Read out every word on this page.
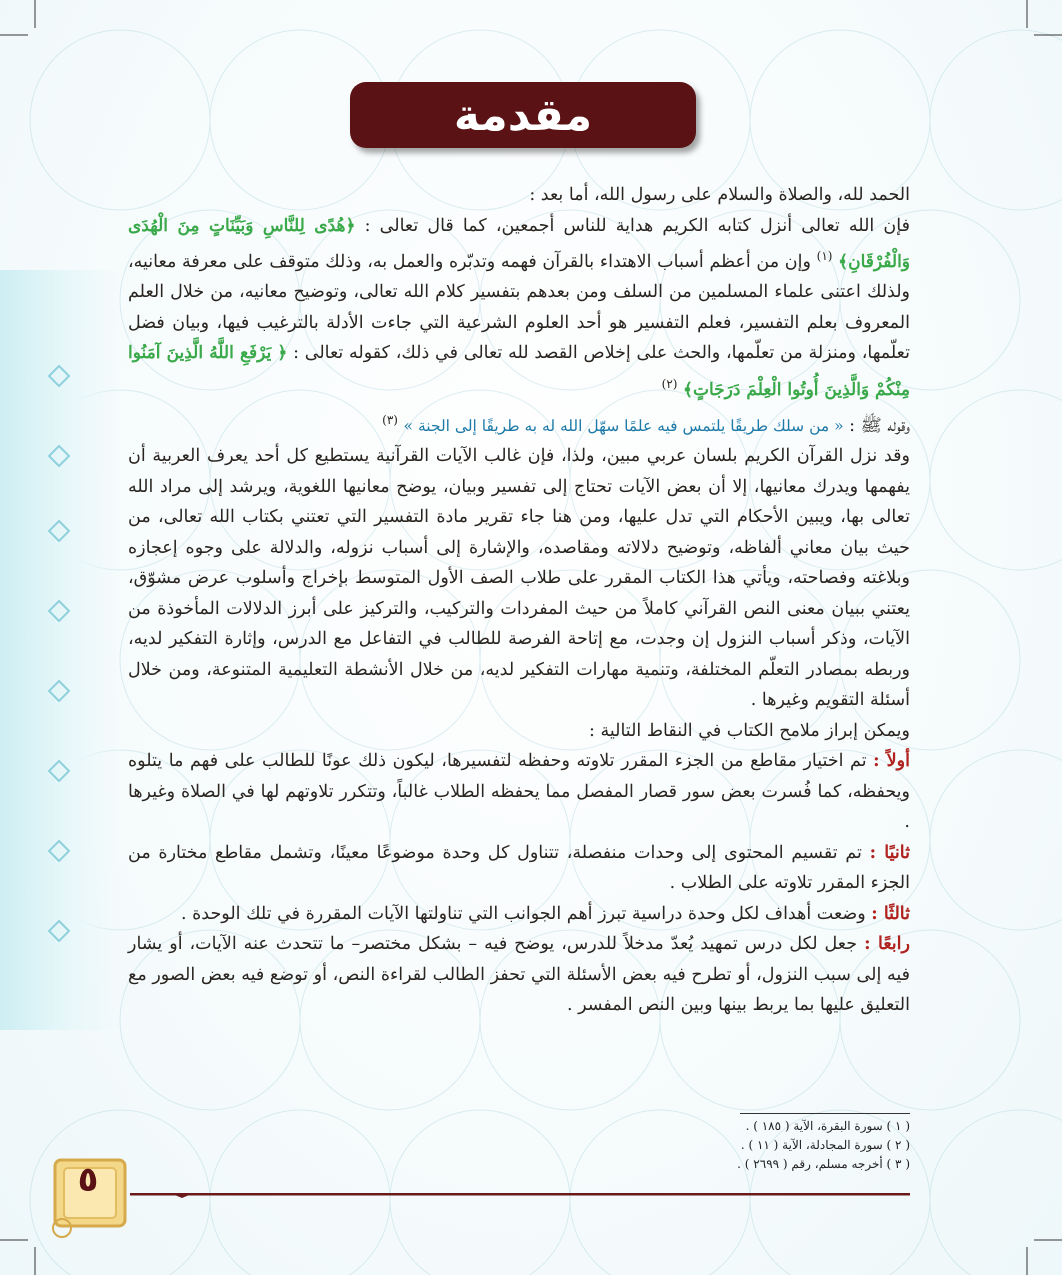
مقدمة

الحمد لله، والصلاة والسلام على رسول الله، أما بعد :

فإن الله تعالى أنزل كتابه الكريم هداية للناس أجمعين، كما قال تعالى : ﴿هُدًى لِلنَّاسِ وَبَيِّنَاتٍ مِنَ الْهُدَى وَالْفُرْقَانِ﴾ $^{(١)}$ وإن من أعظم أسباب الاهتداء بالقرآن فهمه وتدبّره والعمل به، وذلك متوقف على معرفة معانيه، ولذلك اعتنى علماء المسلمين من السلف ومن بعدهم بتفسير كلام الله تعالى، وتوضيح معانيه، من خلال العلم المعروف بعلم التفسير، فعلم التفسير هو أحد العلوم الشرعية التي جاءت الأدلة بالترغيب فيها، وبيان فضل تعلّمها، ومنزلة من تعلّمها، والحث على إخلاص القصد لله تعالى في ذلك، كقوله تعالى : ﴿ يَرْفَعِ اللَّهُ الَّذِينَ آمَنُوا مِنْكُمْ وَالَّذِينَ أُوتُوا الْعِلْمَ دَرَجَاتٍ﴾ $^{(٢)}$

وقوله ﷺ : « من سلك طريقًا يلتمس فيه علمًا سهّل الله له به طريقًا إلى الجنة » $^{(٣)}$

وقد نزل القرآن الكريم بلسان عربي مبين، ولذا، فإن غالب الآيات القرآنية يستطيع كل أحد يعرف العربية أن يفهمها ويدرك معانيها، إلا أن بعض الآيات تحتاج إلى تفسير وبيان، يوضح معانيها اللغوية، ويرشد إلى مراد الله تعالى بها، ويبين الأحكام التي تدل عليها، ومن هنا جاء تقرير مادة التفسير التي تعتني بكتاب الله تعالى، من حيث بيان معاني ألفاظه، وتوضيح دلالاته ومقاصده، والإشارة إلى أسباب نزوله، والدلالة على وجوه إعجازه وبلاغته وفصاحته، ويأتي هذا الكتاب المقرر على طلاب الصف الأول المتوسط بإخراج وأسلوب عرض مشوّق، يعتني ببيان معنى النص القرآني كاملاً من حيث المفردات والتركيب، والتركيز على أبرز الدلالات المأخوذة من الآيات، وذكر أسباب النزول إن وجدت، مع إتاحة الفرصة للطالب في التفاعل مع الدرس، وإثارة التفكير لديه، وربطه بمصادر التعلّم المختلفة، وتنمية مهارات التفكير لديه، من خلال الأنشطة التعليمية المتنوعة، ومن خلال أسئلة التقويم وغيرها .

ويمكن إبراز ملامح الكتاب في النقاط التالية :

أولاً : تم اختيار مقاطع من الجزء المقرر تلاوته وحفظه لتفسيرها، ليكون ذلك عونًا للطالب على فهم ما يتلوه ويحفظه، كما فُسرت بعض سور قصار المفصل مما يحفظه الطلاب غالباً، وتتكرر تلاوتهم لها في الصلاة وغيرها .

ثانيًا : تم تقسيم المحتوى إلى وحدات منفصلة، تتناول كل وحدة موضوعًا معينًا، وتشمل مقاطع مختارة من الجزء المقرر تلاوته على الطلاب .

ثالثًا : وضعت أهداف لكل وحدة دراسية تبرز أهم الجوانب التي تناولتها الآيات المقررة في تلك الوحدة .

رابعًا : جعل لكل درس تمهيد يُعدّ مدخلاً للدرس، يوضح فيه – بشكل مختصر– ما تتحدث عنه الآيات، أو يشار فيه إلى سبب النزول، أو تطرح فيه بعض الأسئلة التي تحفز الطالب لقراءة النص، أو توضع فيه بعض الصور مع التعليق عليها بما يربط بينها وبين النص المفسر .

( ١ ) سورة البقرة، الآية ( ١٨٥ ) .

( ٢ ) سورة المجادلة، الآية ( ١١ ) .

( ٣ ) أخرجه مسلم، رقم ( ٢٦٩٩ ) .

٥
